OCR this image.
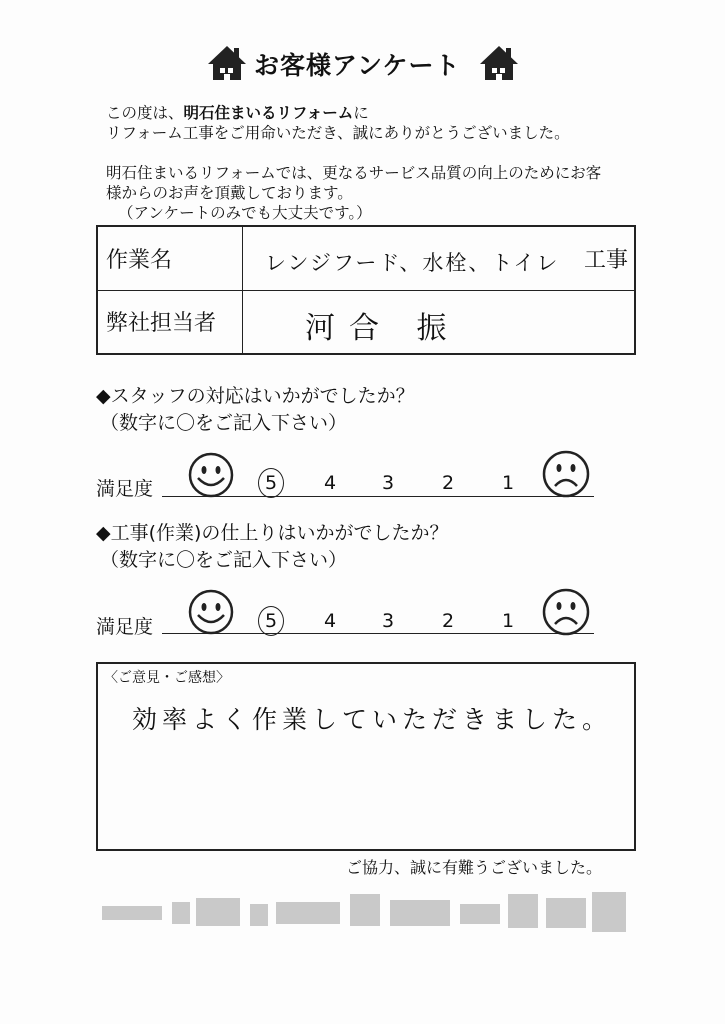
お客様アンケート
この度は、明石住まいるリフォームに
リフォーム工事をご用命いただき、誠にありがとうございました。
明石住まいるリフォームでは、更なるサービス品質の向上のためにお客
様からのお声を頂戴しております。
（アンケートのみでも大丈夫です。）
作業名	レンジフード、水栓、トイレ 工事

弊社担当者	河合 振
◆スタッフの対応はいかがでしたか？
（数字に〇をご記入下さい）
満足度	5	4	3	2	1
◆工事(作業)の仕上りはいかがでしたか？
（数字に〇をご記入下さい）
満足度	5	4	3	2	1
〈ご意見・ご感想〉
効率よく作業していただきました。
ご協力、誠に有難うございました。
